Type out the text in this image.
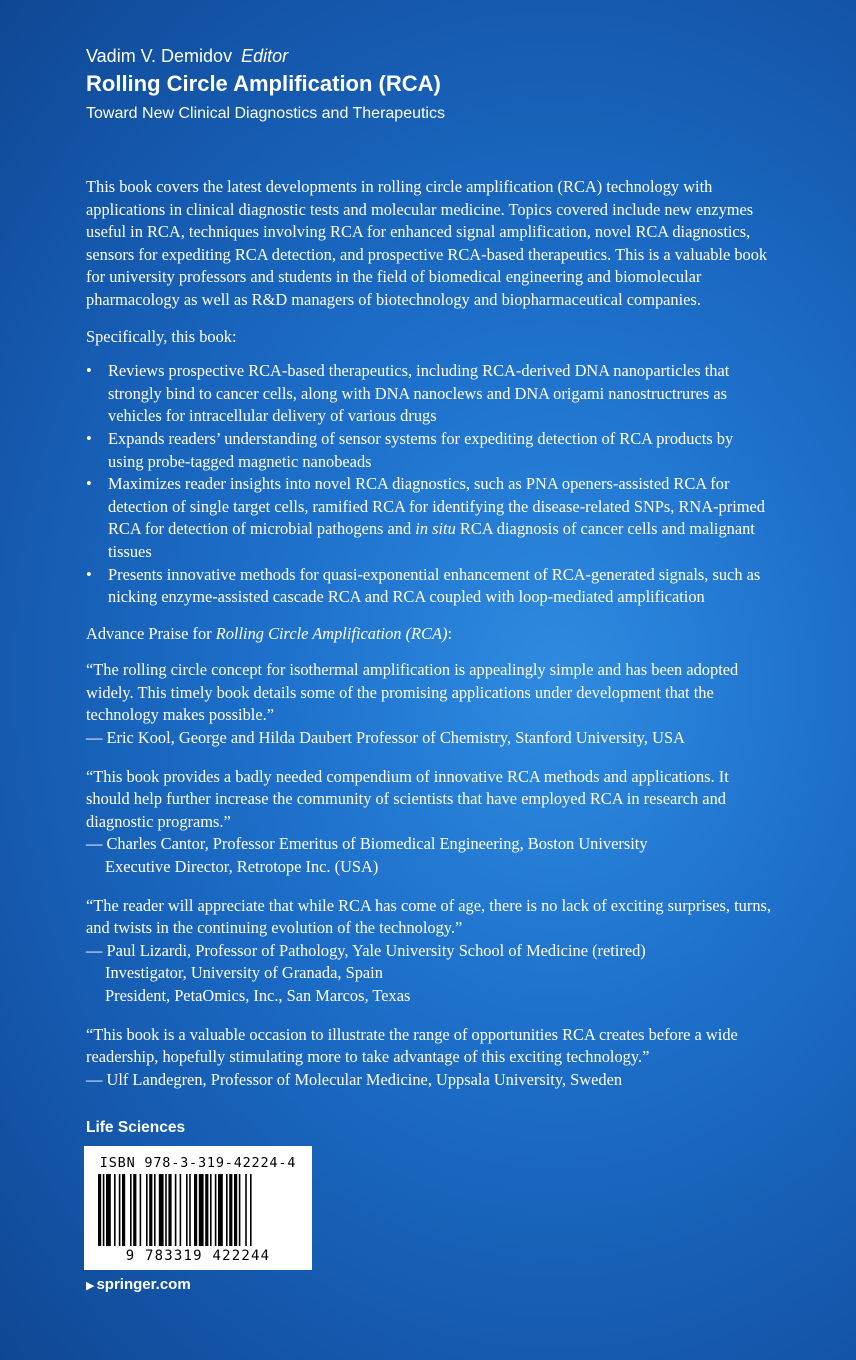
Vadim V. Demidov Editor
Rolling Circle Amplification (RCA)
Toward New Clinical Diagnostics and Therapeutics

This book covers the latest developments in rolling circle amplification (RCA) technology with applications in clinical diagnostic tests and molecular medicine. Topics covered include new enzymes useful in RCA, techniques involving RCA for enhanced signal amplification, novel RCA diagnostics, sensors for expediting RCA detection, and prospective RCA-based therapeutics. This is a valuable book for university professors and students in the field of biomedical engineering and biomolecular pharmacology as well as R&D managers of biotechnology and biopharmaceutical companies.

Specifically, this book:

• Reviews prospective RCA-based therapeutics, including RCA-derived DNA nanoparticles that strongly bind to cancer cells, along with DNA nanoclews and DNA origami nanostructrures as vehicles for intracellular delivery of various drugs
• Expands readers’ understanding of sensor systems for expediting detection of RCA products by using probe-tagged magnetic nanobeads
• Maximizes reader insights into novel RCA diagnostics, such as PNA openers-assisted RCA for detection of single target cells, ramified RCA for identifying the disease-related SNPs, RNA-primed RCA for detection of microbial pathogens and in situ RCA diagnosis of cancer cells and malignant tissues
• Presents innovative methods for quasi-exponential enhancement of RCA-generated signals, such as nicking enzyme-assisted cascade RCA and RCA coupled with loop-mediated amplification

Advance Praise for Rolling Circle Amplification (RCA):

“The rolling circle concept for isothermal amplification is appealingly simple and has been adopted widely. This timely book details some of the promising applications under development that the technology makes possible.”
— Eric Kool, George and Hilda Daubert Professor of Chemistry, Stanford University, USA
“This book provides a badly needed compendium of innovative RCA methods and applications. It should help further increase the community of scientists that have employed RCA in research and diagnostic programs.”
— Charles Cantor, Professor Emeritus of Biomedical Engineering, Boston University
Executive Director, Retrotope Inc. (USA)
“The reader will appreciate that while RCA has come of age, there is no lack of exciting surprises, turns, and twists in the continuing evolution of the technology.”
— Paul Lizardi, Professor of Pathology, Yale University School of Medicine (retired)
Investigator, University of Granada, Spain
President, PetaOmics, Inc., San Marcos, Texas
“This book is a valuable occasion to illustrate the range of opportunities RCA creates before a wide readership, hopefully stimulating more to take advantage of this exciting technology.”
— Ulf Landegren, Professor of Molecular Medicine, Uppsala University, Sweden
Life Sciences
ISBN 978-3-319-42224-4
9 783319 422244
▶ springer.com
